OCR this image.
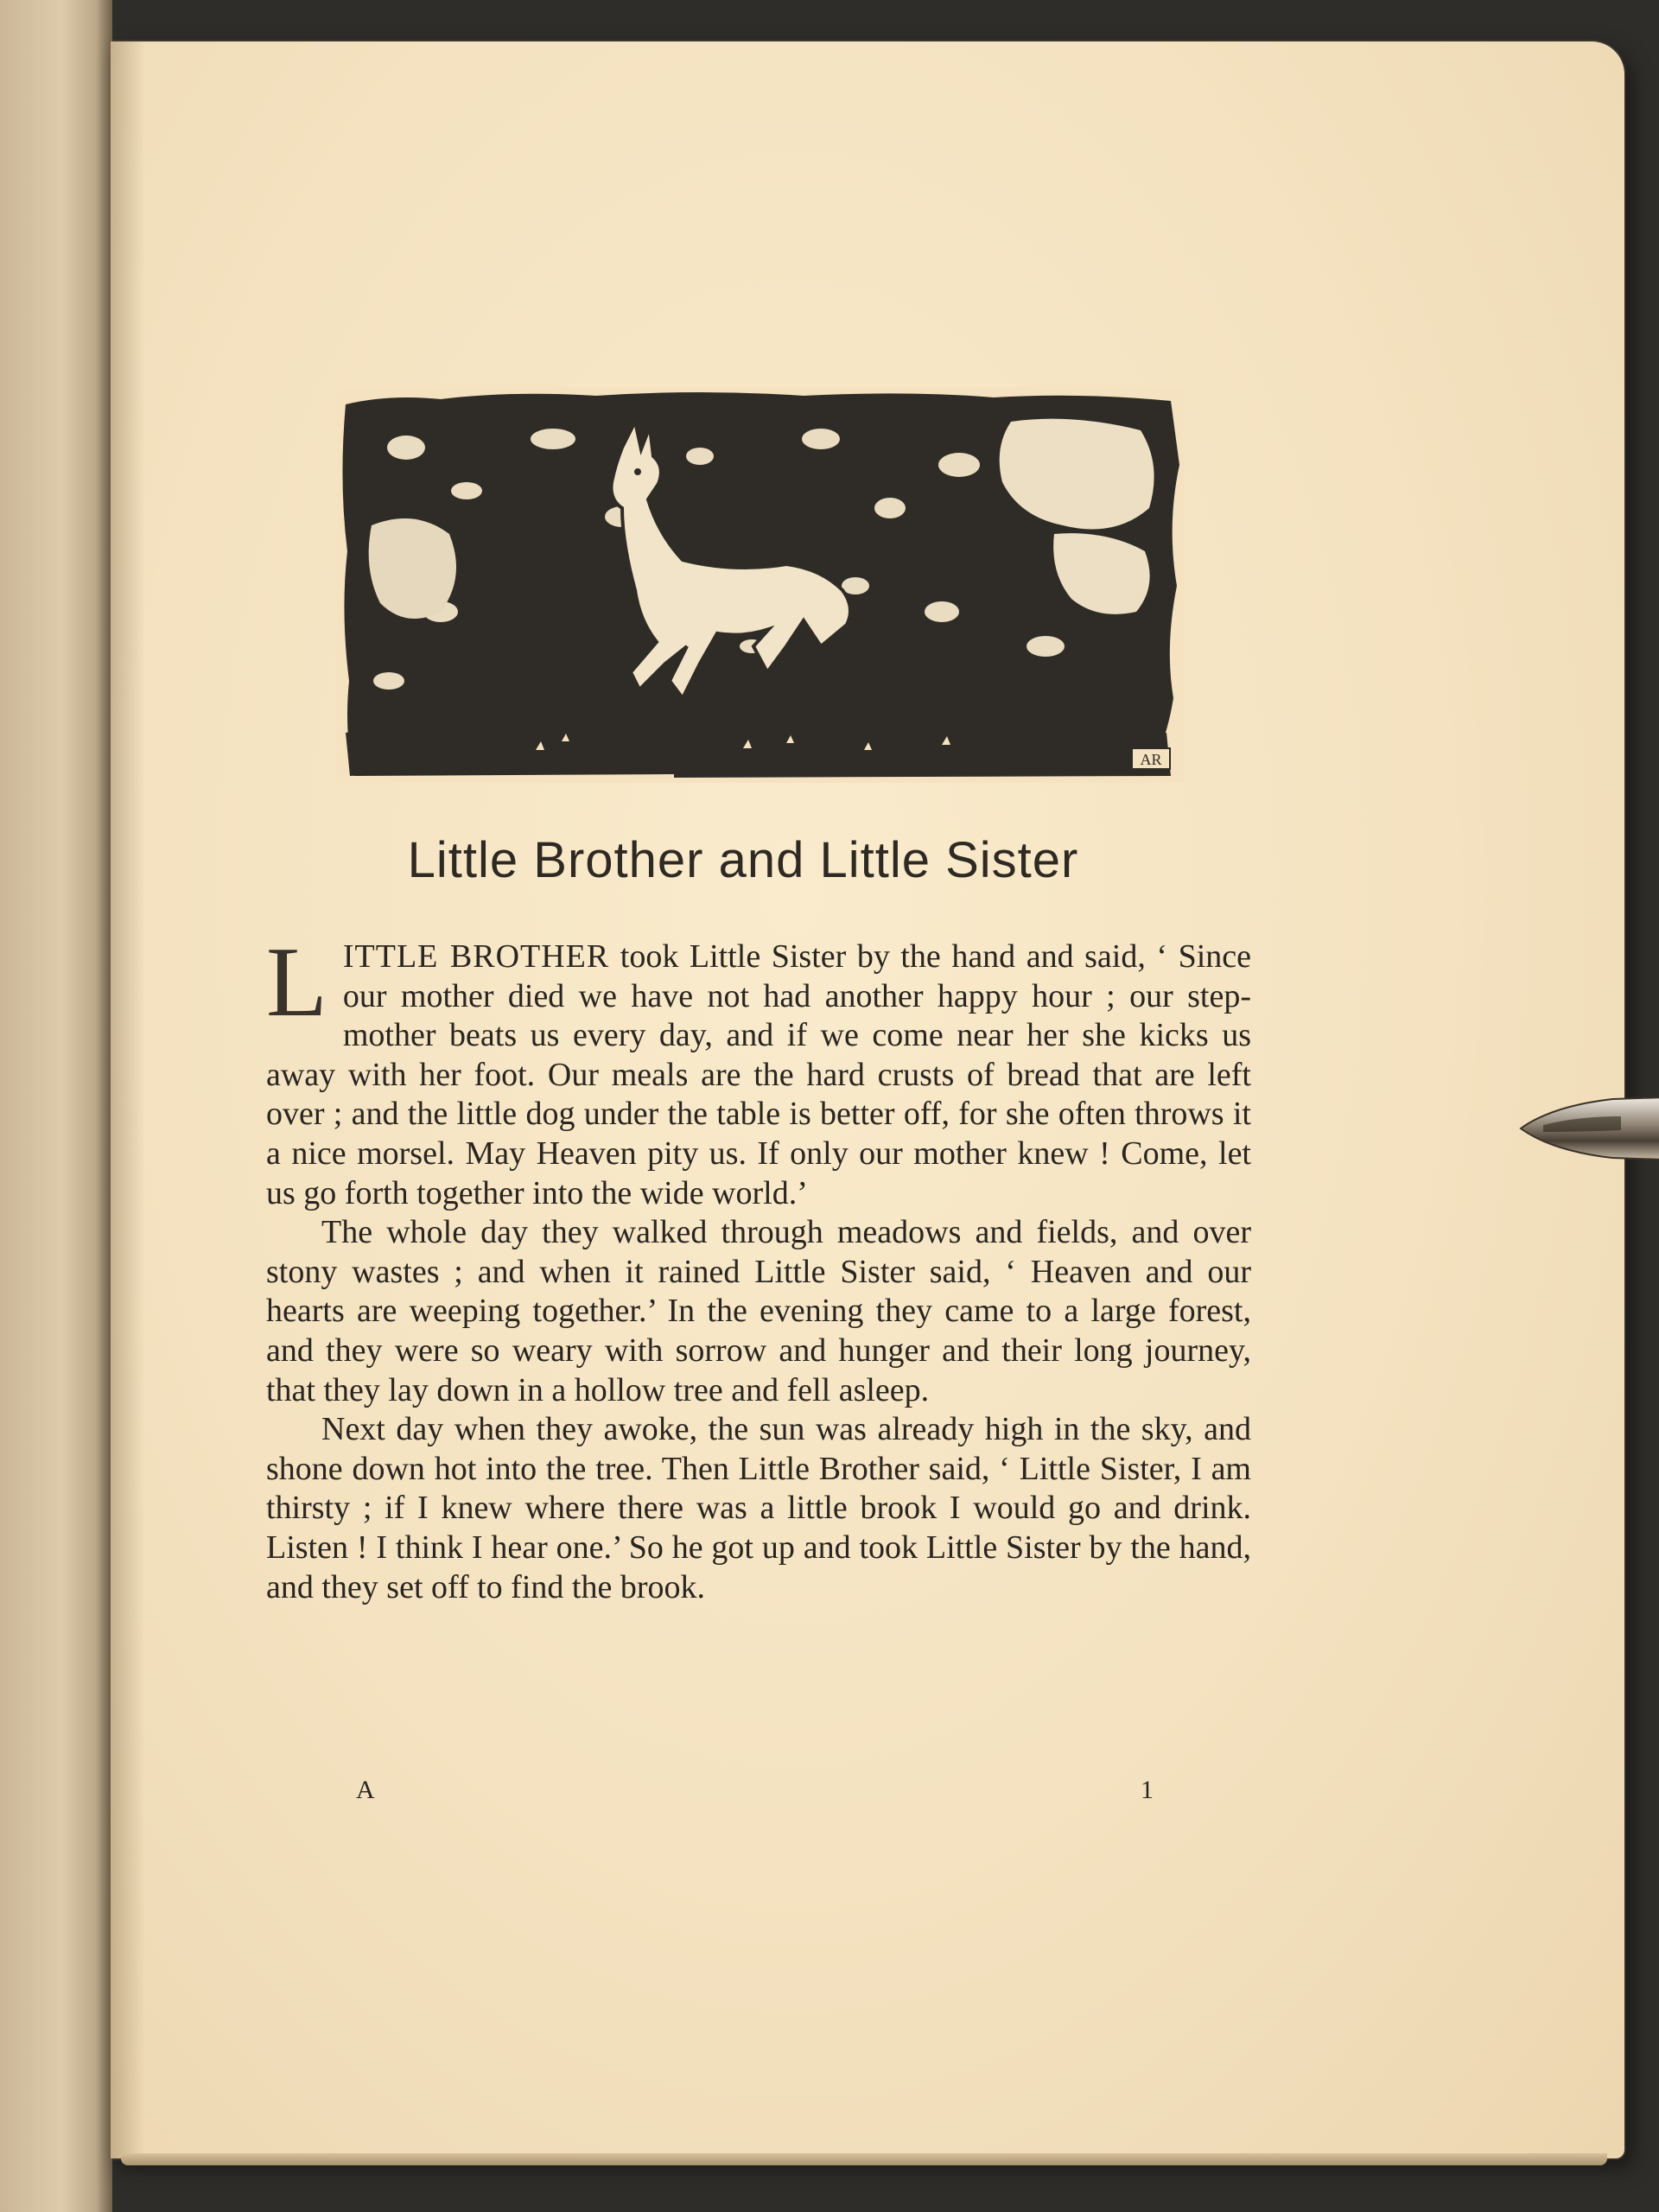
AR
Little Brother and Little Sister

LITTLE BROTHER took Little Sister by the hand and said, ‘ Since our mother died we have not had another happy hour ; our step-mother beats us every day, and if we come near her she kicks us away with her foot. Our meals are the hard crusts of bread that are left over ; and the little dog under the table is better off, for she often throws it a nice morsel. May Heaven pity us. If only our mother knew ! Come, let us go forth together into the wide world.’

The whole day they walked through meadows and fields, and over stony wastes ; and when it rained Little Sister said, ‘ Heaven and our hearts are weeping together.’ In the evening they came to a large forest, and they were so weary with sorrow and hunger and their long journey, that they lay down in a hollow tree and fell asleep.

Next day when they awoke, the sun was already high in the sky, and shone down hot into the tree. Then Little Brother said, ‘ Little Sister, I am thirsty ; if I knew where there was a little brook I would go and drink. Listen ! I think I hear one.’ So he got up and took Little Sister by the hand, and they set off to find the brook.

A	1
